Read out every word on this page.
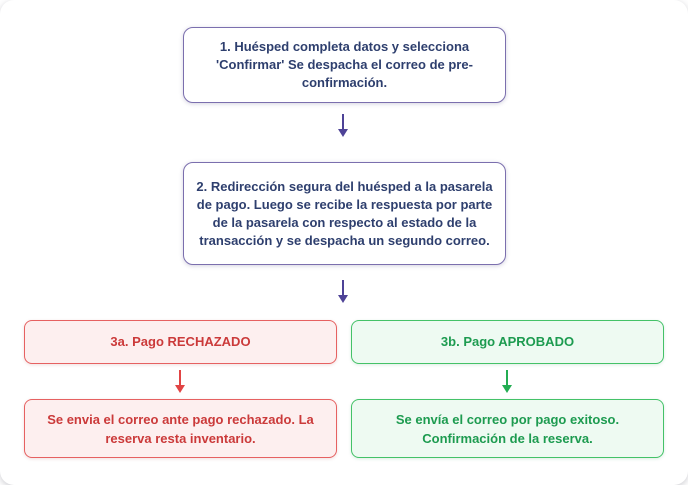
1. Huésped completa datos y selecciona
'Confirmar' Se despacha el correo de pre-
confirmación.
2. Redirección segura del huésped a la pasarela
de pago. Luego se recibe la respuesta por parte
de la pasarela con respecto al estado de la
transacción y se despacha un segundo correo.
3a. Pago RECHAZADO	3b. Pago APROBADO
Se envia el correo ante pago rechazado. La
reserva resta inventario.
Se envía el correo por pago exitoso.
Confirmación de la reserva.
